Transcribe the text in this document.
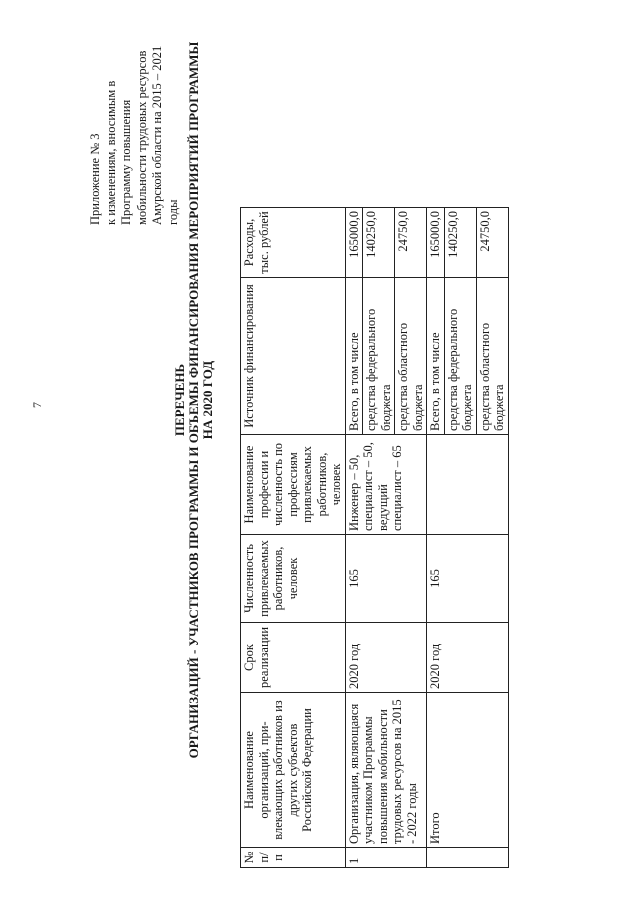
7
Приложение № 3 к изменениям, вносимым в Программу повышения мобильности трудовых ресурсов Амурской области на 2015 – 2021 годы
ПЕРЕЧЕНЬ ОРГАНИЗАЦИЙ - УЧАСТНИКОВ ПРОГРАММЫ И ОБЪЕМЫ ФИНАНСИРОВАНИЯ МЕРОПРИЯТИЙ ПРОГРАММЫ НА 2020 ГОД
№ п/п	Наименование организаций, при-влекающих работников из других субъектов Российской Федерации	Срок реализации	Численность привлекаемых работников, человек	Наименование профессии и численность по профессиям привлекаемых работников, человек	Источник финансирования	Расходы, тыс. рублей
1	Организация, являющаяся участником Программы повышения мобильности трудовых ресурсов на 2015 - 2022 годы	2020 год	165	Инженер – 50, специалист – 50, ведущий специалист – 65	Всего, в том числе	165000,0
					средства федерального бюджета	140250,0
					средства областного бюджета	24750,0
	Итого	2020 год	165		Всего, в том числе	165000,0
					средства федерального бюджета	140250,0
					средства областного бюджета	24750,0
